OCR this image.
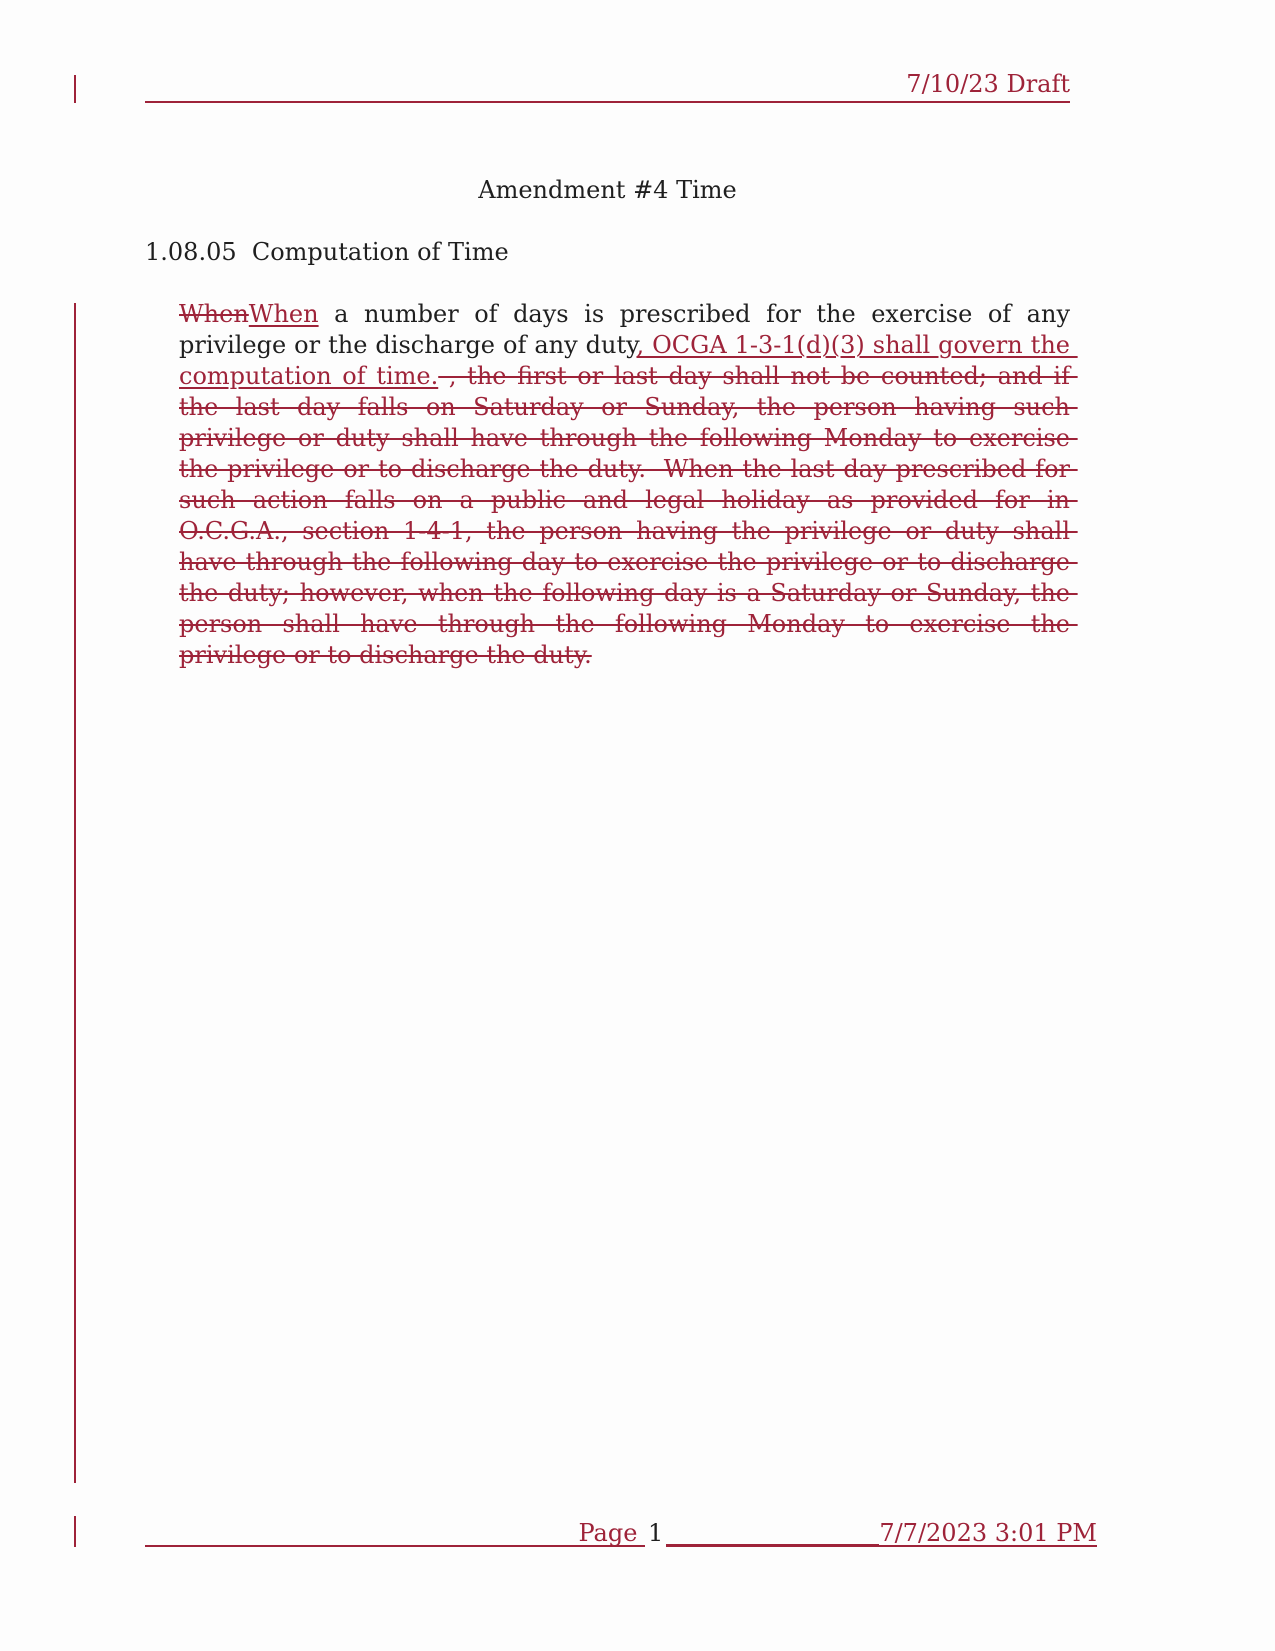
7/10/23 Draft
Amendment #4 Time
1.08.05  Computation of Time
WhenWhen a number of days is prescribed for the exercise of any privilege or the discharge of any duty, OCGA 1-3-1(d)(3) shall govern the computation of time. , the first or last day shall not be counted; and if the last day falls on Saturday or Sunday, the person having such privilege or duty shall have through the following Monday to exercise the privilege or to discharge the duty.  When the last day prescribed for such action falls on a public and legal holiday as provided for in O.C.G.A., section 1-4-1, the person having the privilege or duty shall have through the following day to exercise the privilege or to discharge the duty; however, when the following day is a Saturday or Sunday, the person shall have through the following Monday to exercise the privilege or to discharge the duty.
Page 1	7/7/2023 3:01 PM
